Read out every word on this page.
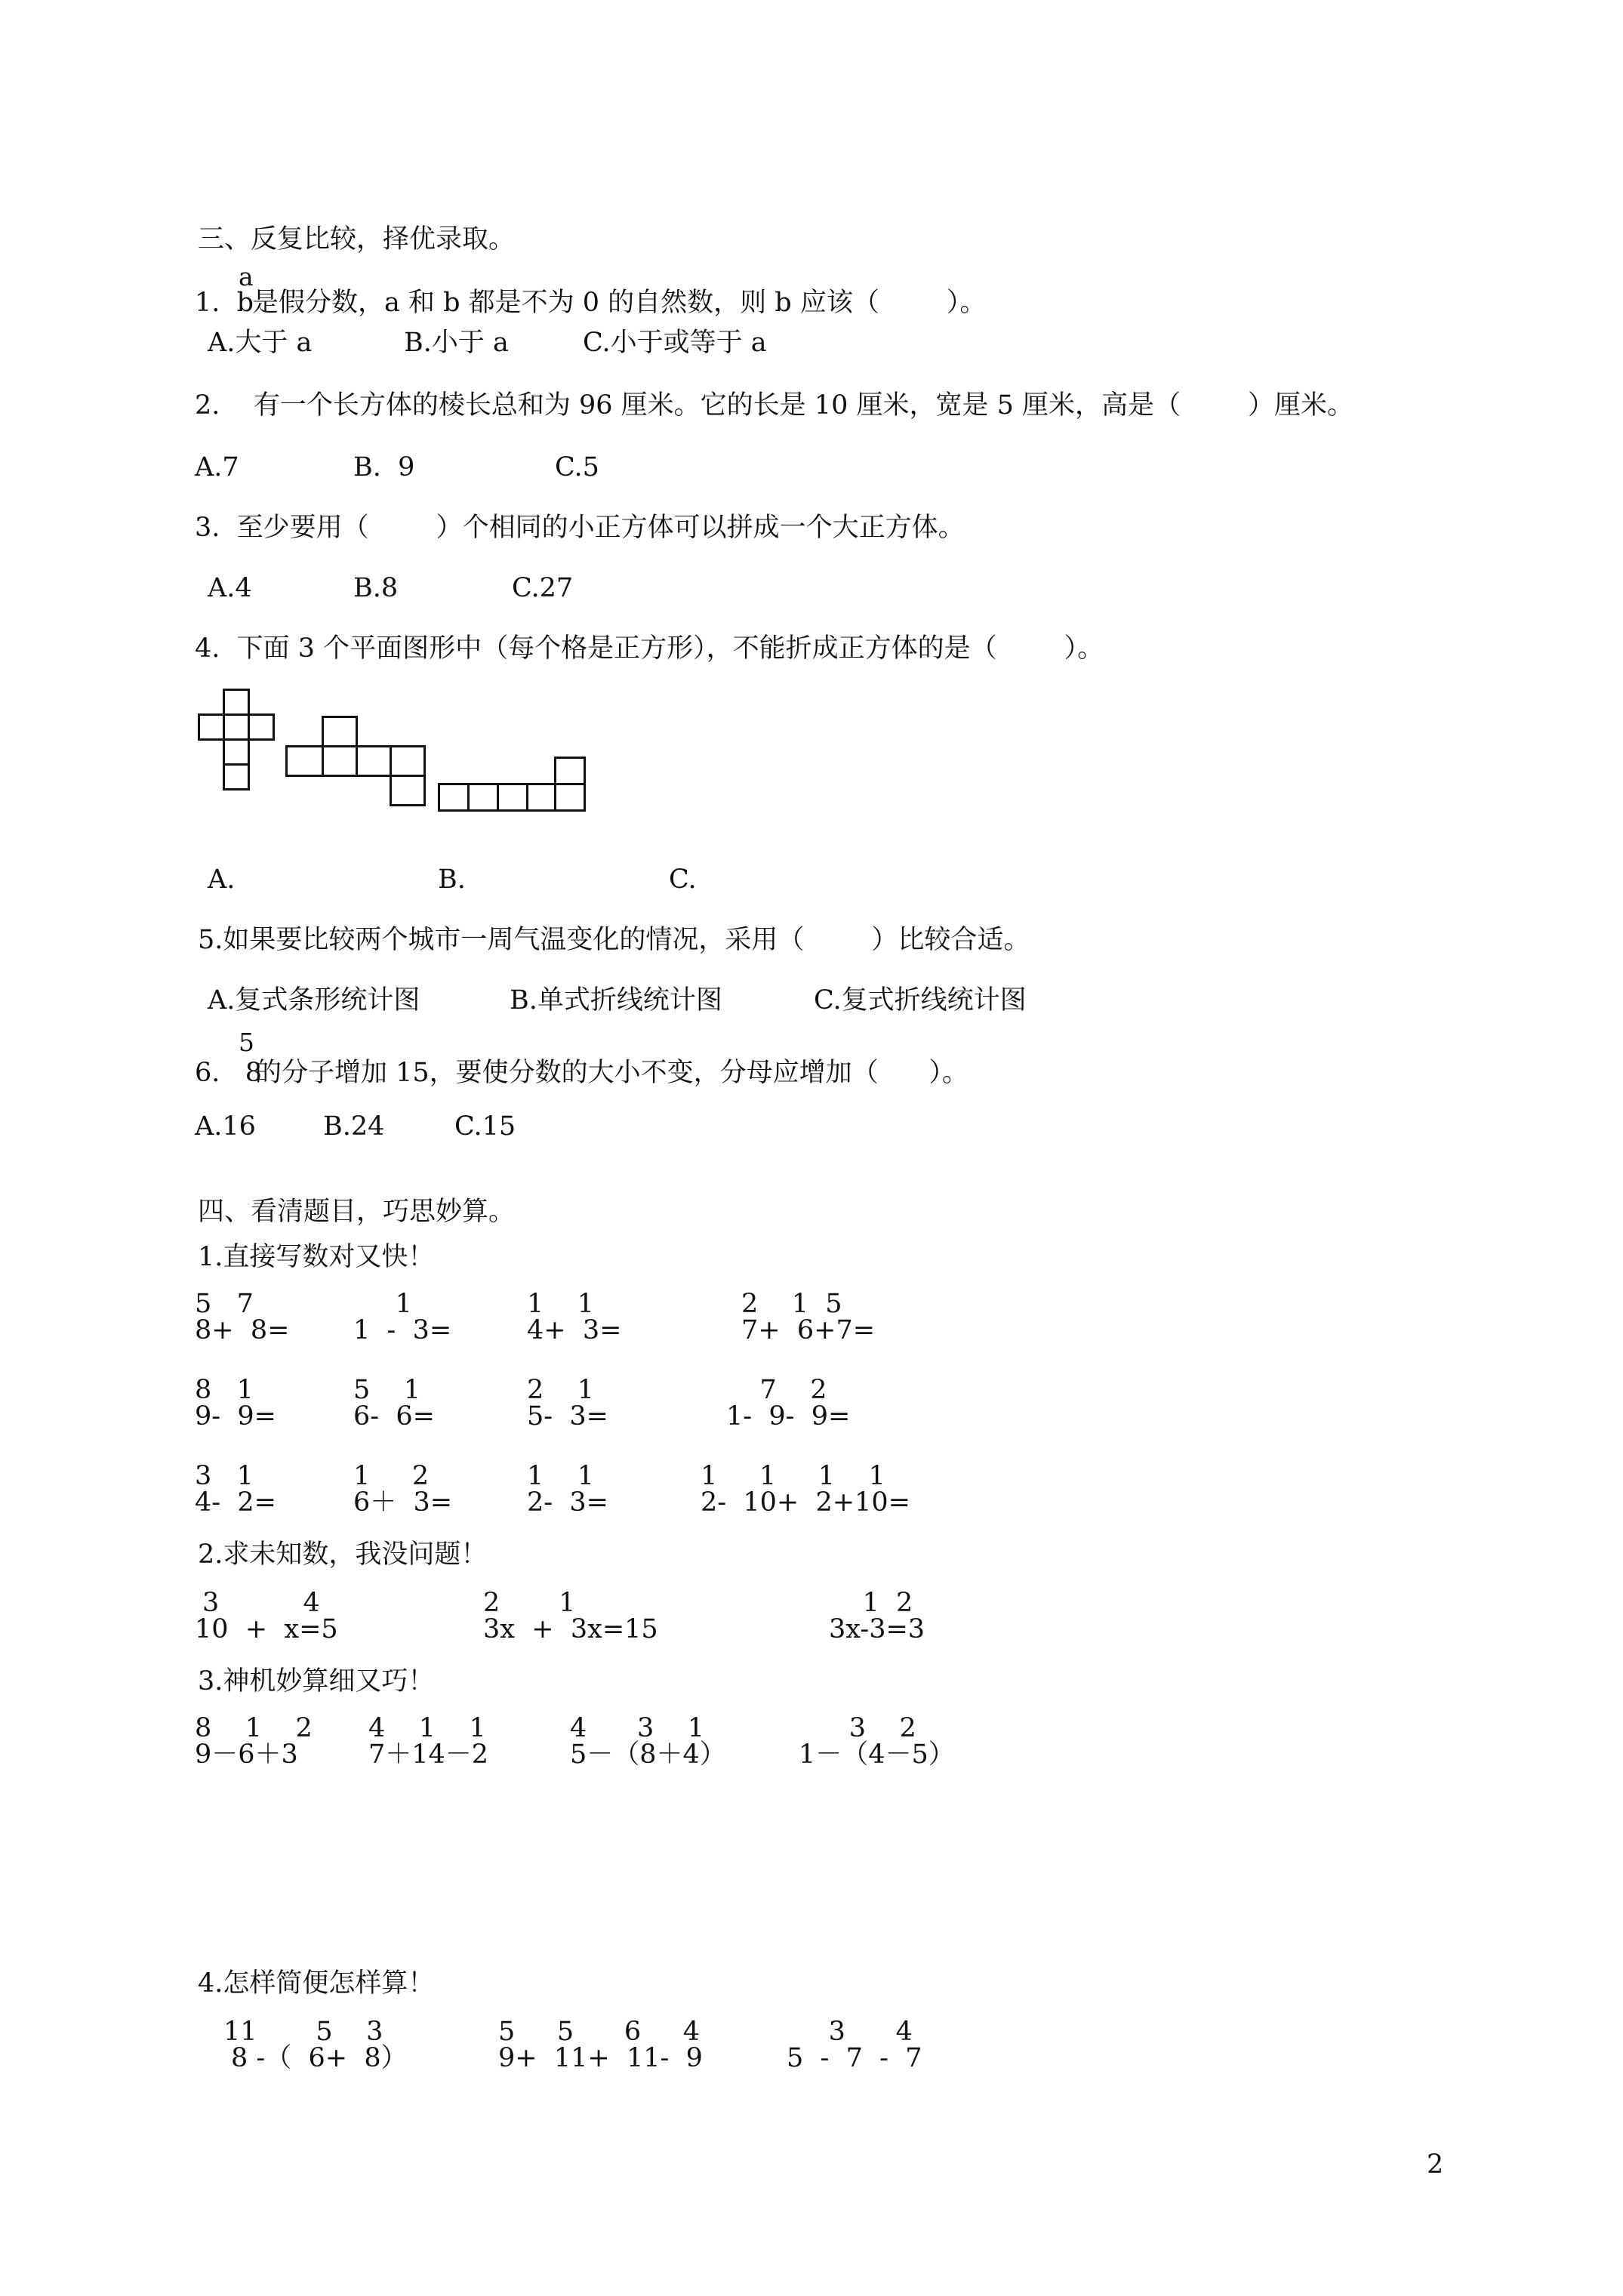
三、反复比较，择优录取。
a
1.  b
是假分数，a 和 b 都是不为 0 的自然数，则 b 应该（        ）。
A.大于 a	B.小于 a	C.小于或等于 a
2.    有一个长方体的棱长总和为 96 厘米。它的长是 10 厘米，宽是 5 厘米，高是（        ）厘米。
A.7	B.  9	C.5
3.  至少要用（        ）个相同的小正方体可以拼成一个大正方体。
A.4	B.8	C.27
4.  下面 3 个平面图形中（每个格是正方形），不能折成正方体的是（        ）。
A.	B.	C.
5.如果要比较两个城市一周气温变化的情况，采用（        ）比较合适。
A.复式条形统计图	B.单式折线统计图	C.复式折线统计图
5
6.   8
的分子增加 15，要使分数的大小不变，分母应增加（      ）。
A.16	B.24	C.15
四、看清题目，巧思妙算。
1.直接写数对又快！
5   7
8+  8=
1
1  -  3=
1    1
4+  3=
2    1  5
7+  6+7=
8   1
9-  9=
5    1
6-  6=
2    1
5-  3=
7    2
1-  9-  9=
3   1
4-  2=
1     2
6＋  3=
1    1
2-  3=
1     1     1    1
2-  10+  2+10=
2.求未知数，我没问题！
3          4
10  +  x=5
2       1
3x  +  3x=15
1  2
3x-3=3
3.神机妙算细又巧！
8    1    2
9－6＋3
4    1    1
7＋14－2
4      3    1
5－（8＋4）
3    2
1－（4－5）
4.怎样简便怎样算！
11       5    3
8 -（  6+  8）
5     5      6     4
9+  11+  11-  9
3      4
5  -  7  -  7
2
